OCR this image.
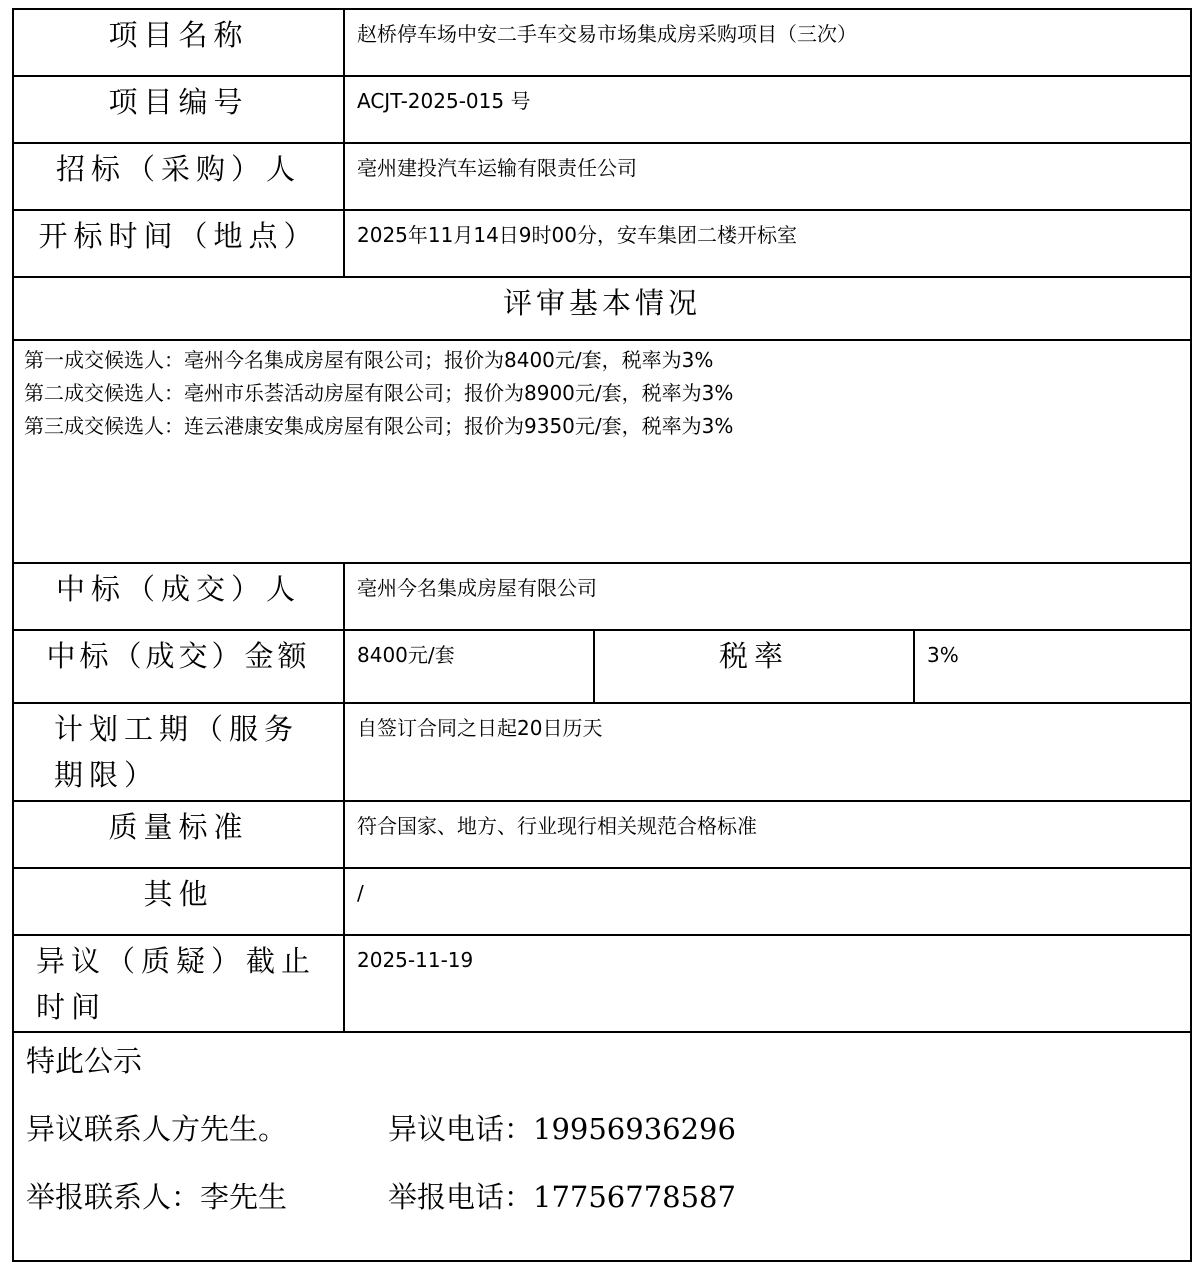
项目名称	赵桥停车场中安二手车交易市场集成房采购项目（三次）		
项目编号	ACJT-2025-015 号		
招标（采购）人	亳州建投汽车运输有限责任公司		
开标时间（地点）	2025年11月14日9时00分，安车集团二楼开标室		
评审基本情况			

第一成交候选人：亳州今名集成房屋有限公司；报价为8400元/套，税率为3%
第二成交候选人：亳州市乐荟活动房屋有限公司；报价为8900元/套，税率为3%
第三成交候选人：连云港康安集成房屋有限公司；报价为9350元/套，税率为3%			

中标（成交）人	亳州今名集成房屋有限公司		
中标（成交）金额	8400元/套	税率	3%
计划工期（服务期限）	自签订合同之日起20日历天		
质量标准	符合国家、地方、行业现行相关规范合格标准		
其他	/		
异议（质疑）截止时间	2025-11-19		

特此公示
异议联系人方先生。 异议电话：19956936296
举报联系人：李先生 举报电话：17756778587			
